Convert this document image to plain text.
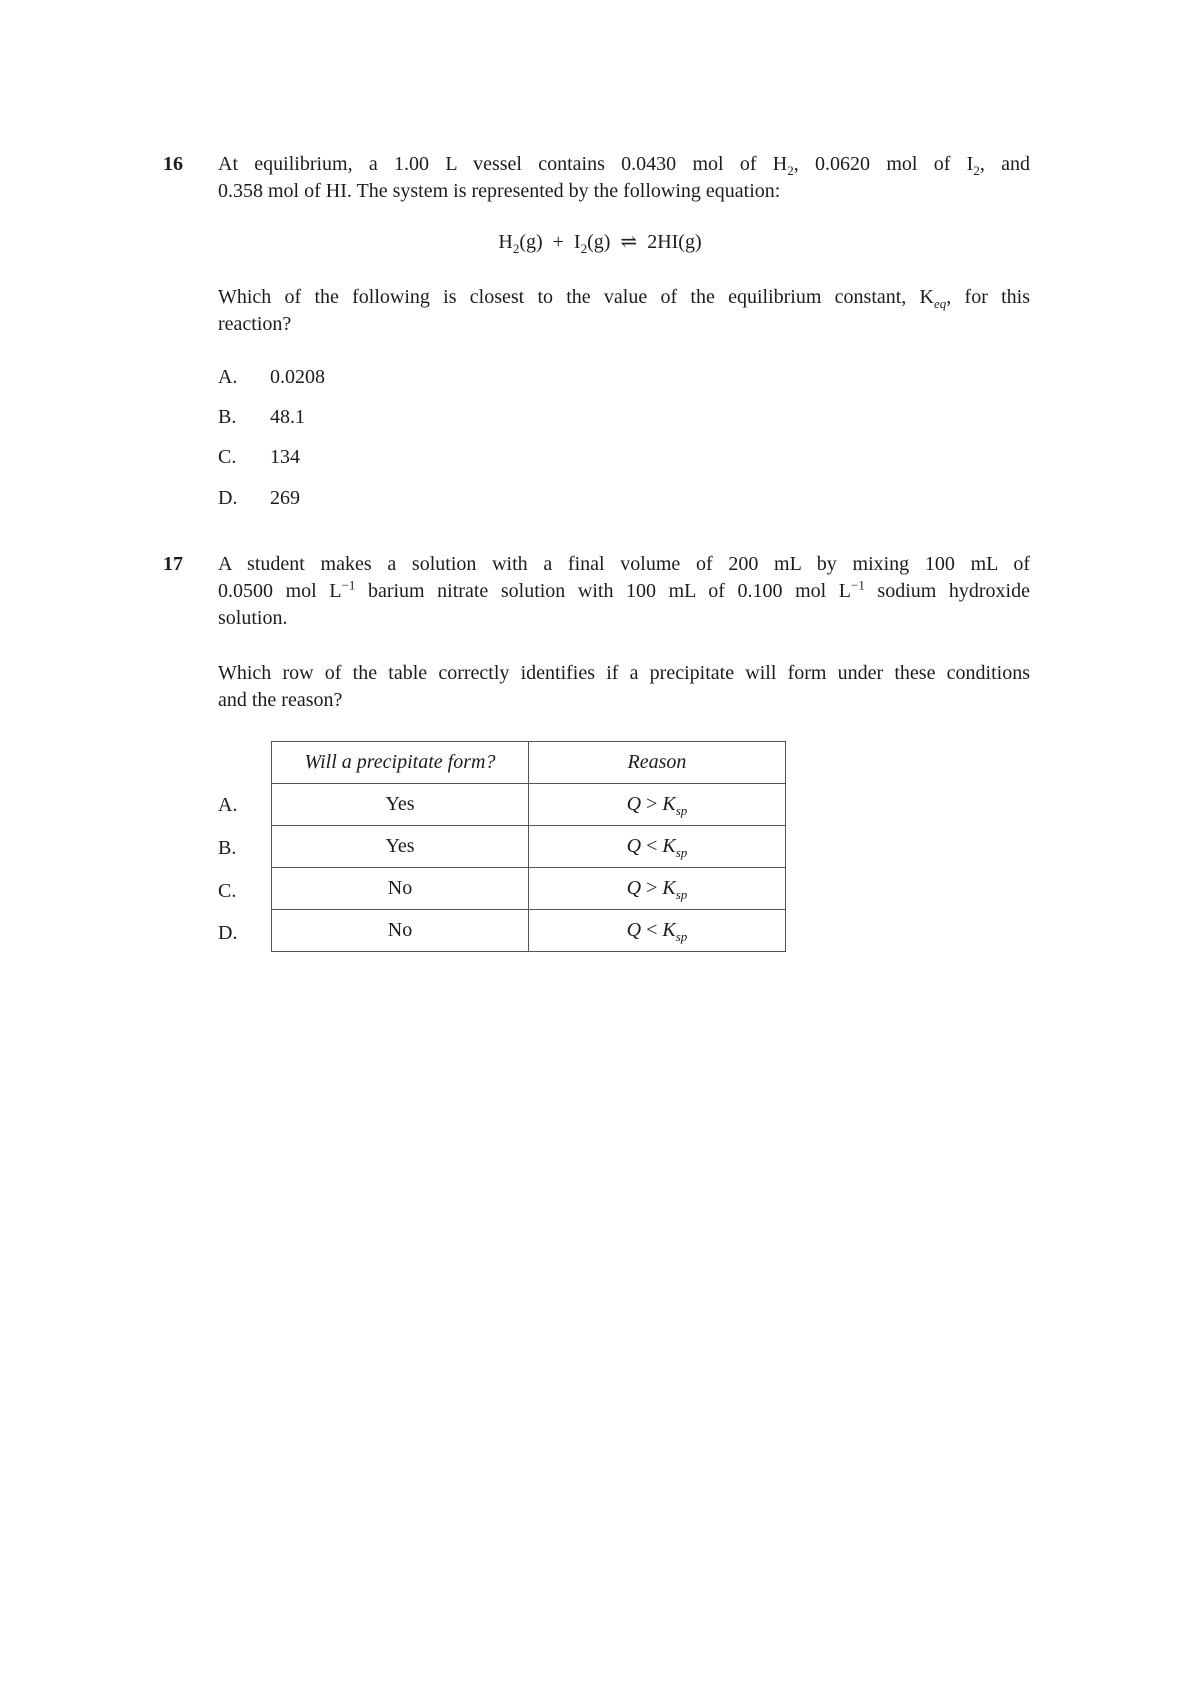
16 At equilibrium, a 1.00 L vessel contains 0.0430 mol of $H_2$, 0.0620 mol of $I_2$, and
0.358 mol of HI. The system is represented by the following equation:
$H_2(g) + I_2(g)$ ⇌ 2HI(g)
Which of the following is closest to the value of the equilibrium constant, $K_{eq}$, for this
reaction?
A. 0.0208
B. 48.1
C. 134
D. 269
17 A student makes a solution with a final volume of 200 mL by mixing 100 mL of
0.0500 mol $L^{-1}$ barium nitrate solution with 100 mL of 0.100 mol $L^{-1}$ sodium hydroxide
solution.
Which row of the table correctly identifies if a precipitate will form under these conditions
and the reason?
A.
B.
C.
D.
Will a precipitate form?	Reason
Yes	$Q > K_{sp}$
Yes	$Q < K_{sp}$
No	$Q > K_{sp}$
No	$Q < K_{sp}$
